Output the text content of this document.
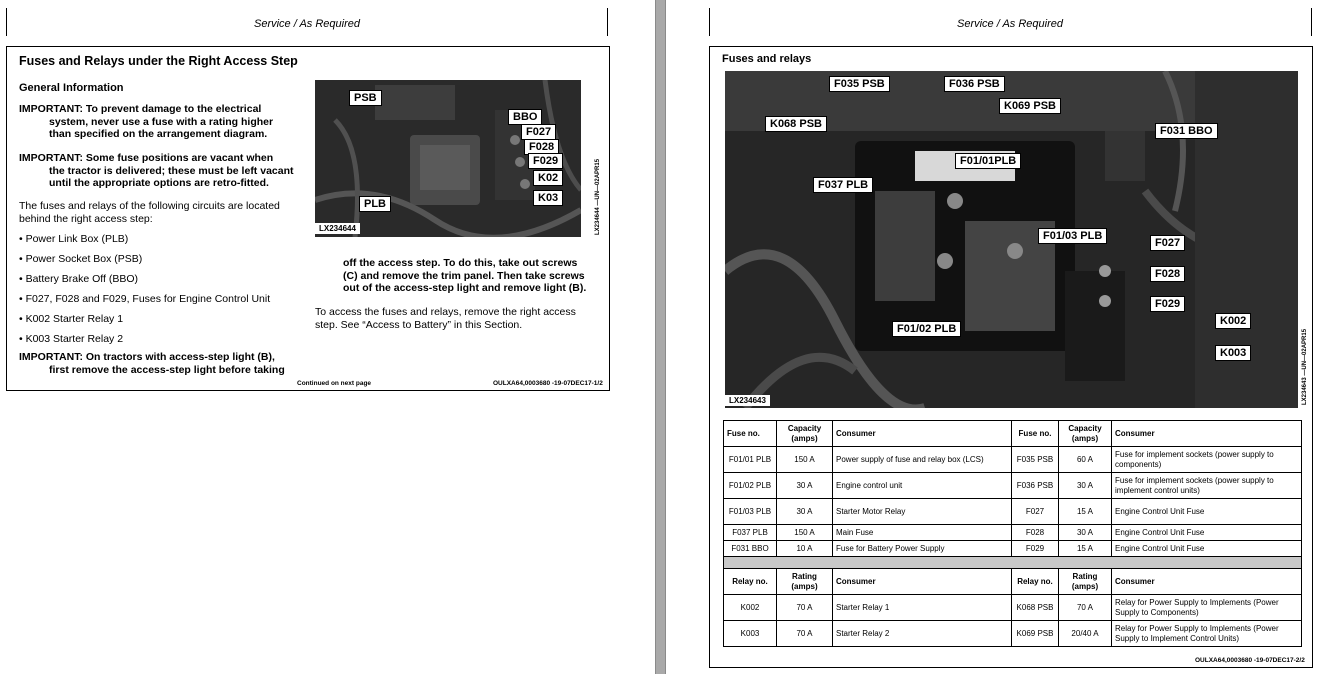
Service / As Required
Fuses and Relays under the Right Access Step
General Information
IMPORTANT: To prevent damage to the electrical
system, never use a fuse with a rating higher
than specified on the arrangement diagram.
IMPORTANT: Some fuse positions are vacant when
the tractor is delivered; these must be left vacant
until the appropriate options are retro-fitted.
The fuses and relays of the following circuits are located
behind the right access step:
• Power Link Box (PLB)
• Power Socket Box (PSB)
• Battery Brake Off (BBO)
• F027, F028 and F029, Fuses for Engine Control Unit
• K002 Starter Relay 1
• K003 Starter Relay 2
IMPORTANT: On tractors with access-step light (B),
first remove the access-step light before taking
PSB
BBO
F027
F028
F029
K02
K03
PLB
LX234644	LX234644 —UN—02APR15
off the access step. To do this, take out screws
(C) and remove the trim panel. Then take screws
out of the access-step light and remove light (B).
To access the fuses and relays, remove the right access
step. See “Access to Battery” in this Section.
Continued on next page	OULXA64,0003680 -19-07DEC17-1/2
Service / As Required
Fuses and relays
F035 PSB	F036 PSB
K069 PSB
K068 PSB
F031 BBO
F01/01PLB
F037 PLB
F01/03 PLB
F027
F028
F029
K002
K003
F01/02 PLB
LX234643	LX234643 —UN—02APR15
Fuse no.	Capacity (amps)	Consumer	Fuse no.	Capacity (amps)	Consumer
F01/01 PLB	150 A	Power supply of fuse and relay box (LCS)	F035 PSB	60 A	Fuse for implement sockets (power supply to components)
F01/02 PLB	30 A	Engine control unit	F036 PSB	30 A	Fuse for implement sockets (power supply to implement control units)
F01/03 PLB	30 A	Starter Motor Relay	F027	15 A	Engine Control Unit Fuse
F037 PLB	150 A	Main Fuse	F028	30 A	Engine Control Unit Fuse
F031 BBO	10 A	Fuse for Battery Power Supply	F029	15 A	Engine Control Unit Fuse

Relay no.	Rating (amps)	Consumer	Relay no.	Rating (amps)	Consumer
K002	70 A	Starter Relay 1	K068 PSB	70 A	Relay for Power Supply to Implements (Power Supply to Components)
K003	70 A	Starter Relay 2	K069 PSB	20/40 A	Relay for Power Supply to Implements (Power Supply to Implement Control Units)
OULXA64,0003680 -19-07DEC17-2/2
